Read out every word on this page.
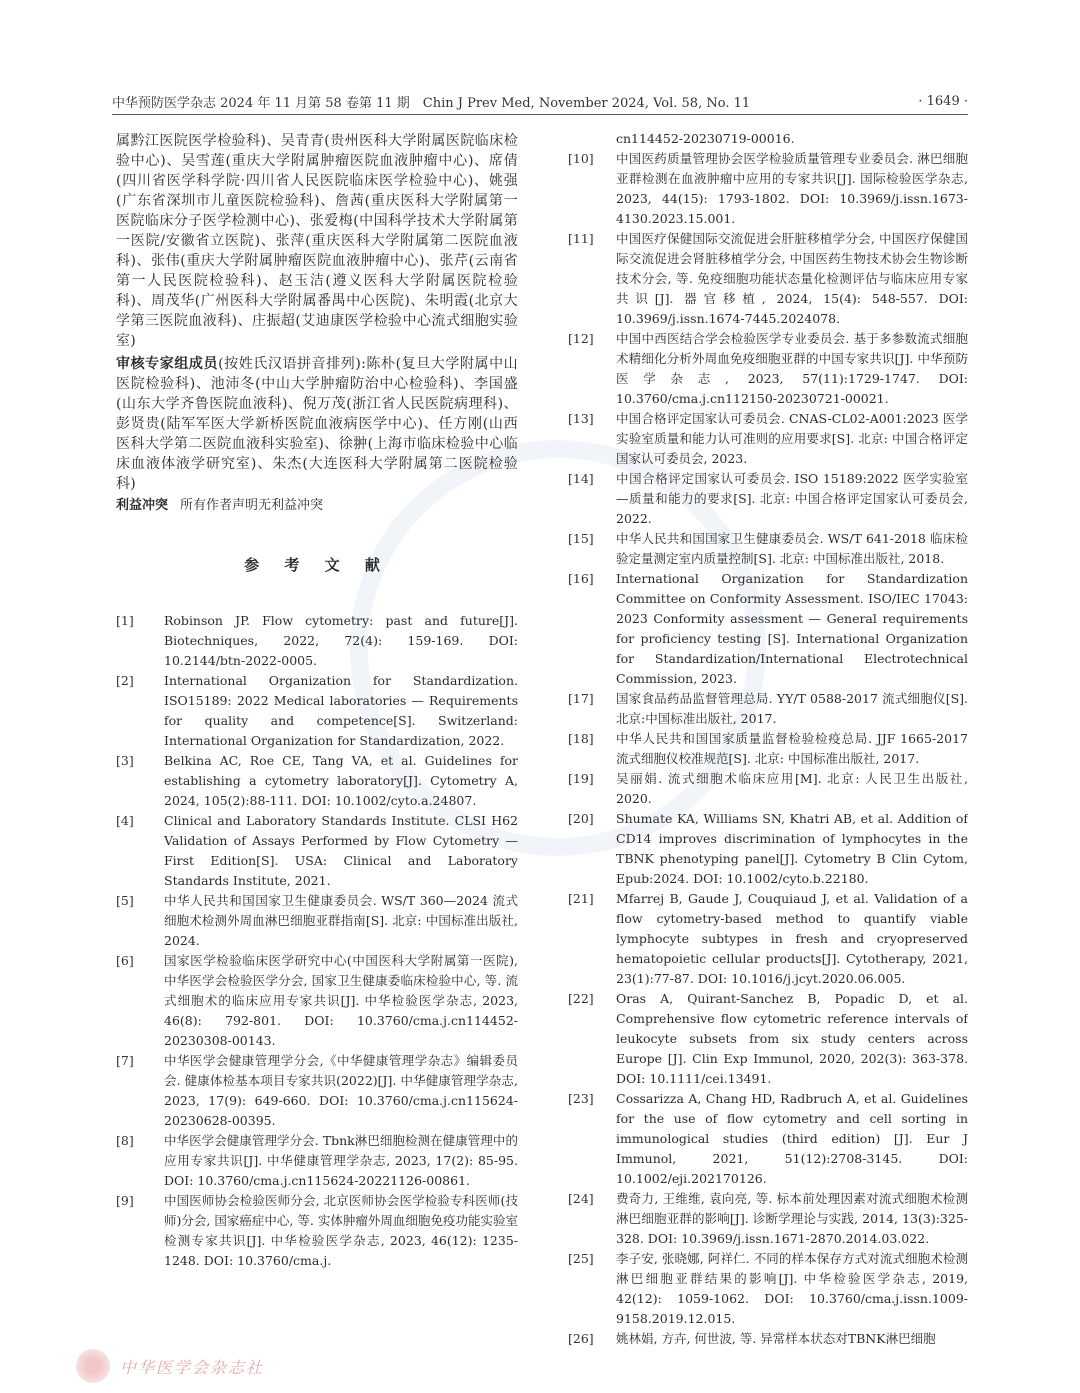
中华预防医学杂志 2024 年 11 月第 58 卷第 11 期　Chin J Prev Med, November 2024, Vol. 58, No. 11	· 1649 ·

属黔江医院医学检验科)、吴青青(贵州医科大学附属医院临床检验中心)、吴雪莲(重庆大学附属肿瘤医院血液肿瘤中心)、席倩(四川省医学科学院·四川省人民医院临床医学检验中心)、姚强(广东省深圳市儿童医院检验科)、詹茜(重庆医科大学附属第一医院临床分子医学检测中心)、张爱梅(中国科学技术大学附属第一医院/安徽省立医院)、张萍(重庆医科大学附属第二医院血液科)、张伟(重庆大学附属肿瘤医院血液肿瘤中心)、张芹(云南省第一人民医院检验科)、赵玉洁(遵义医科大学附属医院检验科)、周茂华(广州医科大学附属番禺中心医院)、朱明霞(北京大学第三医院血液科)、庄振超(艾迪康医学检验中心流式细胞实验室)

审核专家组成员(按姓氏汉语拼音排列):陈朴(复旦大学附属中山医院检验科)、池沛冬(中山大学肿瘤防治中心检验科)、李国盛(山东大学齐鲁医院血液科)、倪万茂(浙江省人民医院病理科)、彭贤贵(陆军军医大学新桥医院血液病医学中心)、任方刚(山西医科大学第二医院血液科实验室)、徐翀(上海市临床检验中心临床血液体液学研究室)、朱杰(大连医科大学附属第二医院检验科)

利益冲突 所有作者声明无利益冲突
参 考 文 献
[1]	Robinson JP. Flow cytometry: past and future[J]. Biotechniques, 2022, 72(4): 159-169. DOI: 10.2144/btn-2022-0005.
[2]	International Organization for Standardization. ISO15189: 2022 Medical laboratories — Requirements for quality and competence[S]. Switzerland: International Organization for Standardization, 2022.
[3]	Belkina AC, Roe CE, Tang VA, et al. Guidelines for establishing a cytometry laboratory[J]. Cytometry A, 2024, 105(2):88-111. DOI: 10.1002/cyto.a.24807.
[4]	Clinical and Laboratory Standards Institute. CLSI H62 Validation of Assays Performed by Flow Cytometry — First Edition[S]. USA: Clinical and Laboratory Standards Institute, 2021.
[5]	中华人民共和国国家卫生健康委员会. WS/T 360—2024 流式细胞术检测外周血淋巴细胞亚群指南[S]. 北京: 中国标准出版社, 2024.
[6]	国家医学检验临床医学研究中心(中国医科大学附属第一医院), 中华医学会检验医学分会, 国家卫生健康委临床检验中心, 等. 流式细胞术的临床应用专家共识[J]. 中华检验医学杂志, 2023, 46(8): 792-801. DOI: 10.3760/cma.j.cn114452-20230308-00143.
[7]	中华医学会健康管理学分会,《中华健康管理学杂志》编辑委员会. 健康体检基本项目专家共识(2022)[J]. 中华健康管理学杂志, 2023, 17(9): 649-660. DOI: 10.3760/cma.j.cn115624-20230628-00395.
[8]	中华医学会健康管理学分会. Tbnk淋巴细胞检测在健康管理中的应用专家共识[J]. 中华健康管理学杂志, 2023, 17(2): 85-95. DOI: 10.3760/cma.j.cn115624-20221126-00861.
[9]	中国医师协会检验医师分会, 北京医师协会医学检验专科医师(技师)分会, 国家癌症中心, 等. 实体肿瘤外周血细胞免疫功能实验室检测专家共识[J]. 中华检验医学杂志, 2023, 46(12): 1235-1248. DOI: 10.3760/cma.j.
cn114452-20230719-00016.
[10]	中国医药质量管理协会医学检验质量管理专业委员会. 淋巴细胞亚群检测在血液肿瘤中应用的专家共识[J]. 国际检验医学杂志, 2023, 44(15): 1793-1802. DOI: 10.3969/j.issn.1673-4130.2023.15.001.
[11]	中国医疗保健国际交流促进会肝脏移植学分会, 中国医疗保健国际交流促进会肾脏移植学分会, 中国医药生物技术协会生物诊断技术分会, 等. 免疫细胞功能状态量化检测评估与临床应用专家共识[J]. 器官移植, 2024, 15(4): 548-557. DOI: 10.3969/j.issn.1674-7445.2024078.
[12]	中国中西医结合学会检验医学专业委员会. 基于多参数流式细胞术精细化分析外周血免疫细胞亚群的中国专家共识[J]. 中华预防医学杂志, 2023, 57(11):1729-1747. DOI: 10.3760/cma.j.cn112150-20230721-00021.
[13]	中国合格评定国家认可委员会. CNAS-CL02-A001:2023 医学实验室质量和能力认可准则的应用要求[S]. 北京: 中国合格评定国家认可委员会, 2023.
[14]	中国合格评定国家认可委员会. ISO 15189:2022 医学实验室—质量和能力的要求[S]. 北京: 中国合格评定国家认可委员会, 2022.
[15]	中华人民共和国国家卫生健康委员会. WS/T 641-2018 临床检验定量测定室内质量控制[S]. 北京: 中国标准出版社, 2018.
[16]	International Organization for Standardization Committee on Conformity Assessment. ISO/IEC 17043: 2023 Conformity assessment — General requirements for proficiency testing [S]. International Organization for Standardization/International Electrotechnical Commission, 2023.
[17]	国家食品药品监督管理总局. YY/T 0588-2017 流式细胞仪[S]. 北京:中国标准出版社, 2017.
[18]	中华人民共和国国家质量监督检验检疫总局. JJF 1665-2017 流式细胞仪校准规范[S]. 北京: 中国标准出版社, 2017.
[19]	吴丽娟. 流式细胞术临床应用[M]. 北京: 人民卫生出版社, 2020.
[20]	Shumate KA, Williams SN, Khatri AB, et al. Addition of CD14 improves discrimination of lymphocytes in the TBNK phenotyping panel[J]. Cytometry B Clin Cytom, Epub:2024. DOI: 10.1002/cyto.b.22180.
[21]	Mfarrej B, Gaude J, Couquiaud J, et al. Validation of a flow cytometry-based method to quantify viable lymphocyte subtypes in fresh and cryopreserved hematopoietic cellular products[J]. Cytotherapy, 2021, 23(1):77-87. DOI: 10.1016/j.jcyt.2020.06.005.
[22]	Oras A, Quirant-Sanchez B, Popadic D, et al. Comprehensive flow cytometric reference intervals of leukocyte subsets from six study centers across Europe [J]. Clin Exp Immunol, 2020, 202(3): 363-378. DOI: 10.1111/cei.13491.
[23]	Cossarizza A, Chang HD, Radbruch A, et al. Guidelines for the use of flow cytometry and cell sorting in immunological studies (third edition) [J]. Eur J Immunol, 2021, 51(12):2708-3145. DOI: 10.1002/eji.202170126.
[24]	费奇力, 王维维, 袁向亮, 等. 标本前处理因素对流式细胞术检测淋巴细胞亚群的影响[J]. 诊断学理论与实践, 2014, 13(3):325-328. DOI: 10.3969/j.issn.1671-2870.2014.03.022.
[25]	李子安, 张晓娜, 阿祥仁. 不同的样本保存方式对流式细胞术检测淋巴细胞亚群结果的影响[J]. 中华检验医学杂志, 2019, 42(12): 1059-1062. DOI: 10.3760/cma.j.issn.1009-9158.2019.12.015.
[26]	姚林娟, 方卉, 何世波, 等. 异常样本状态对TBNK淋巴细胞
中华医学会杂志社
